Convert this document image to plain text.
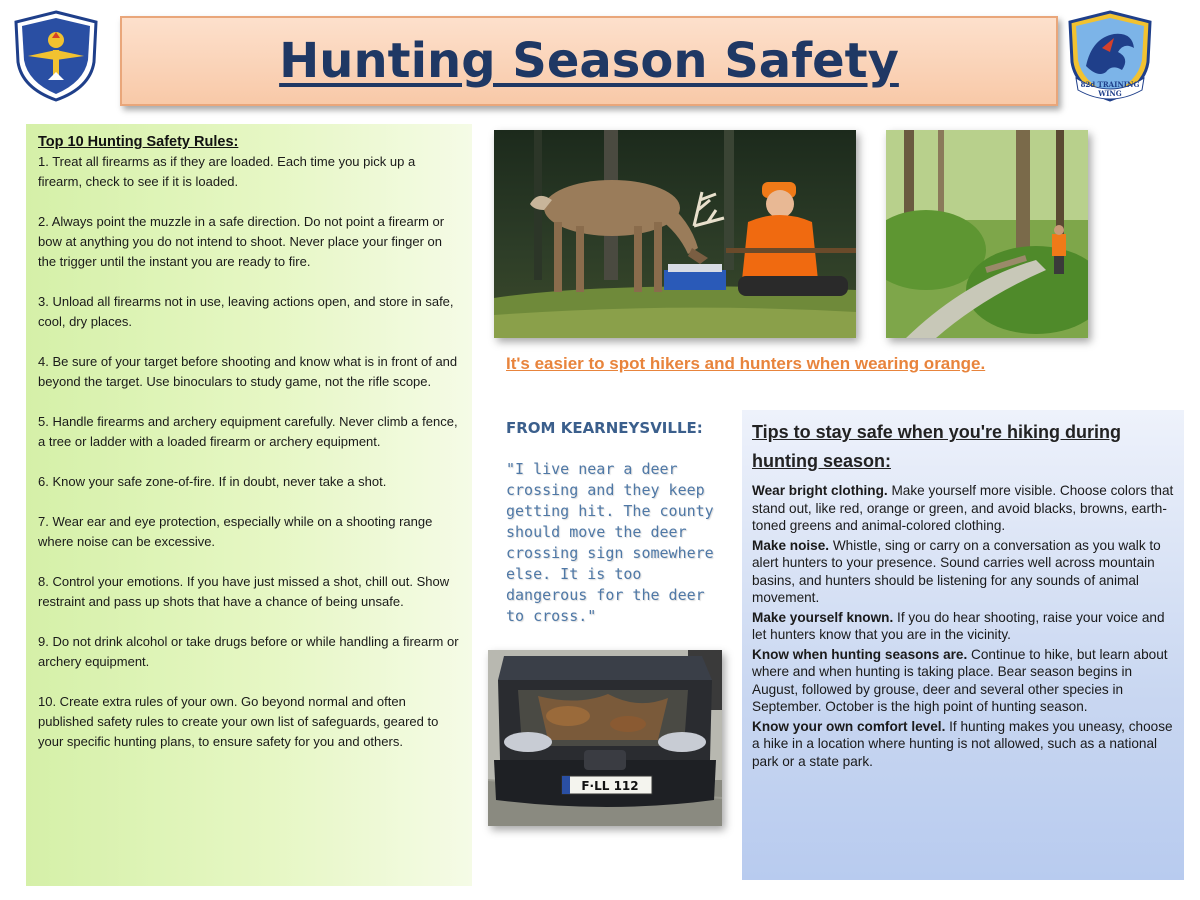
Hunting Season Safety	82d TRAINING WING
Top 10 Hunting Safety Rules:

1. Treat all firearms as if they are loaded. Each time you pick up a firearm, check to see if it is loaded.

2. Always point the muzzle in a safe direction. Do not point a firearm or bow at anything you do not intend to shoot. Never place your finger on the trigger until the instant you are ready to fire.

3. Unload all firearms not in use, leaving actions open, and store in safe, cool, dry places.

4. Be sure of your target before shooting and know what is in front of and beyond the target. Use binoculars to study game, not the rifle scope.

5. Handle firearms and archery equipment carefully. Never climb a fence, a tree or ladder with a loaded firearm or archery equipment.

6. Know your safe zone-of-fire. If in doubt, never take a shot.

7. Wear ear and eye protection, especially while on a shooting range where noise can be excessive.

8. Control your emotions. If you have just missed a shot, chill out. Show restraint and pass up shots that have a chance of being unsafe.

9. Do not drink alcohol or take drugs before or while handling a firearm or archery equipment.

10. Create extra rules of your own. Go beyond normal and often published safety rules to create your own list of safeguards, geared to your specific hunting plans, to ensure safety for you and others.

It's easier to spot hikers and hunters when wearing orange.
FROM KEARNEYSVILLE:
"I live near a deer crossing and they keep getting hit. The county should move the deer crossing sign somewhere else. It is too dangerous for the deer to cross."
F·LL 112
Tips to stay safe when you're hiking during hunting season:

Wear bright clothing. Make yourself more visible. Choose colors that stand out, like red, orange or green, and avoid blacks, browns, earth-toned greens and animal-colored clothing.

Make noise. Whistle, sing or carry on a conversation as you walk to alert hunters to your presence. Sound carries well across mountain basins, and hunters should be listening for any sounds of animal movement.

Make yourself known. If you do hear shooting, raise your voice and let hunters know that you are in the vicinity.

Know when hunting seasons are. Continue to hike, but learn about where and when hunting is taking place. Bear season begins in August, followed by grouse, deer and several other species in September. October is the high point of hunting season.

Know your own comfort level. If hunting makes you uneasy, choose a hike in a location where hunting is not allowed, such as a national park or a state park.
